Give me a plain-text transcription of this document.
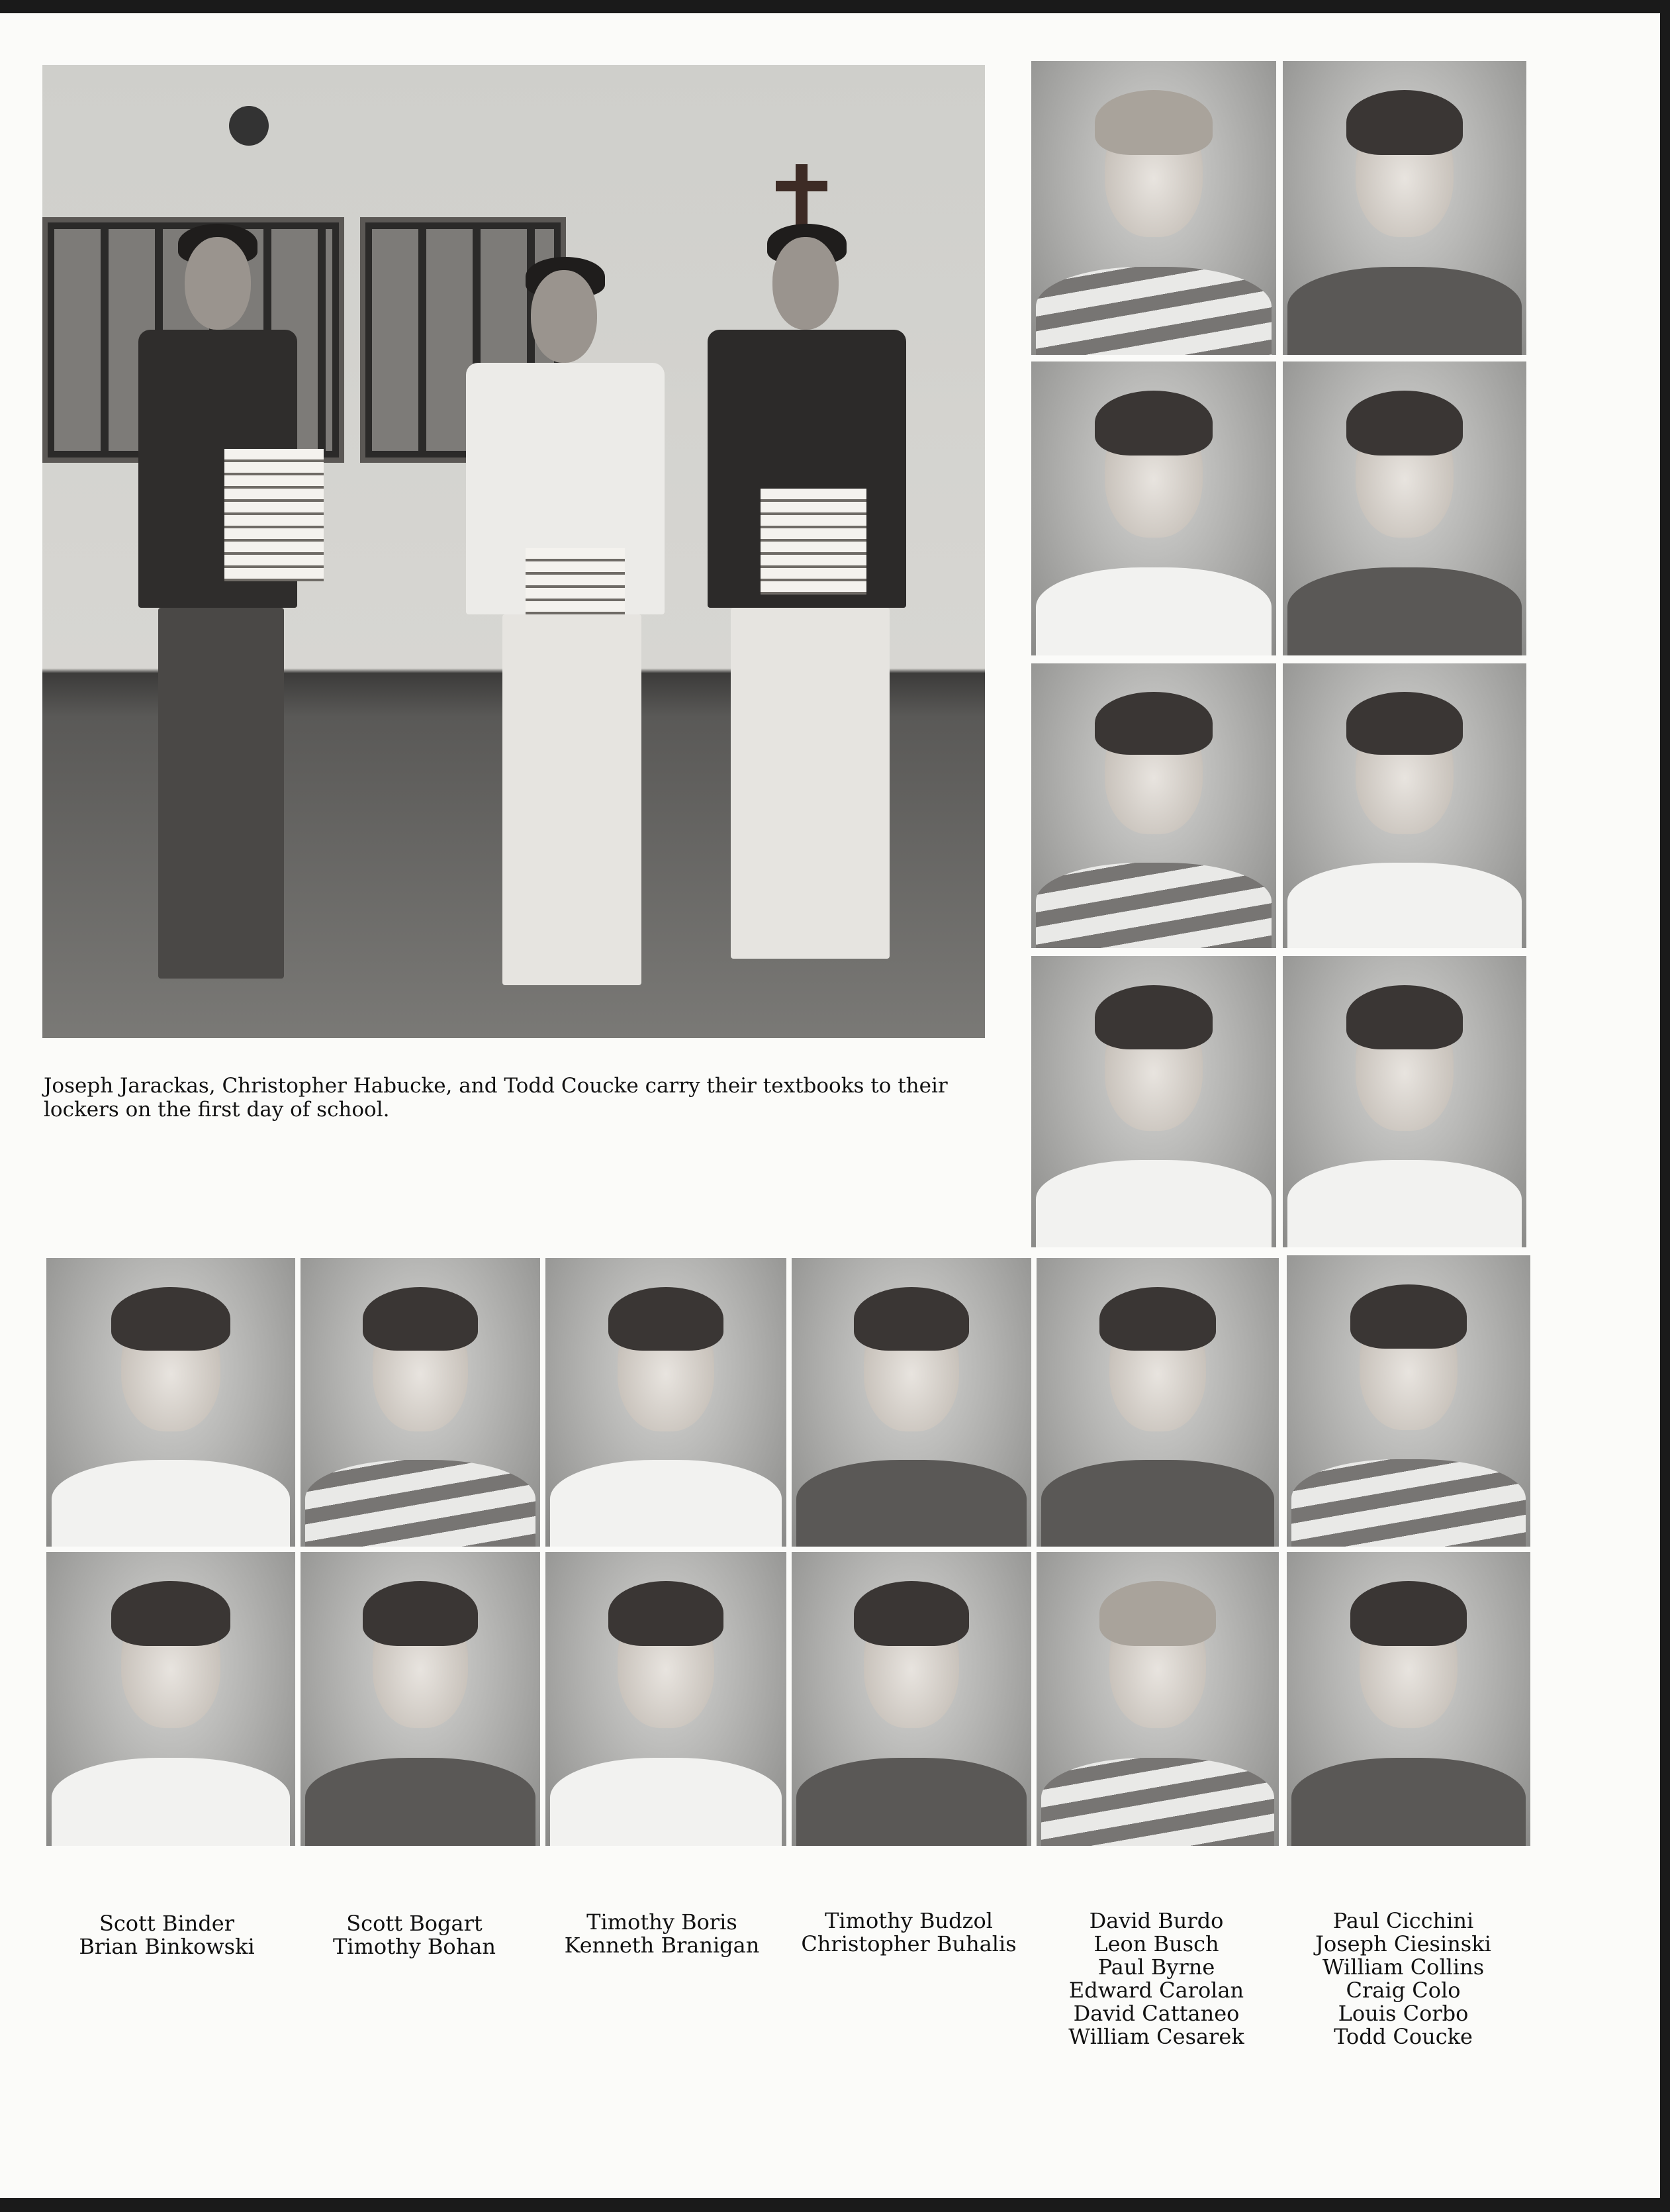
Joseph Jarackas, Christopher Habucke, and Todd Coucke carry their textbooks to their lockers on the first day of school.

Scott Binder
Brian Binkowski
Scott Bogart
Timothy Bohan
Timothy Boris
Kenneth Branigan
Timothy Budzol
Christopher Buhalis
David Burdo
Leon Busch
Paul Byrne
Edward Carolan
David Cattaneo
William Cesarek
Paul Cicchini
Joseph Ciesinski
William Collins
Craig Colo
Louis Corbo
Todd Coucke
